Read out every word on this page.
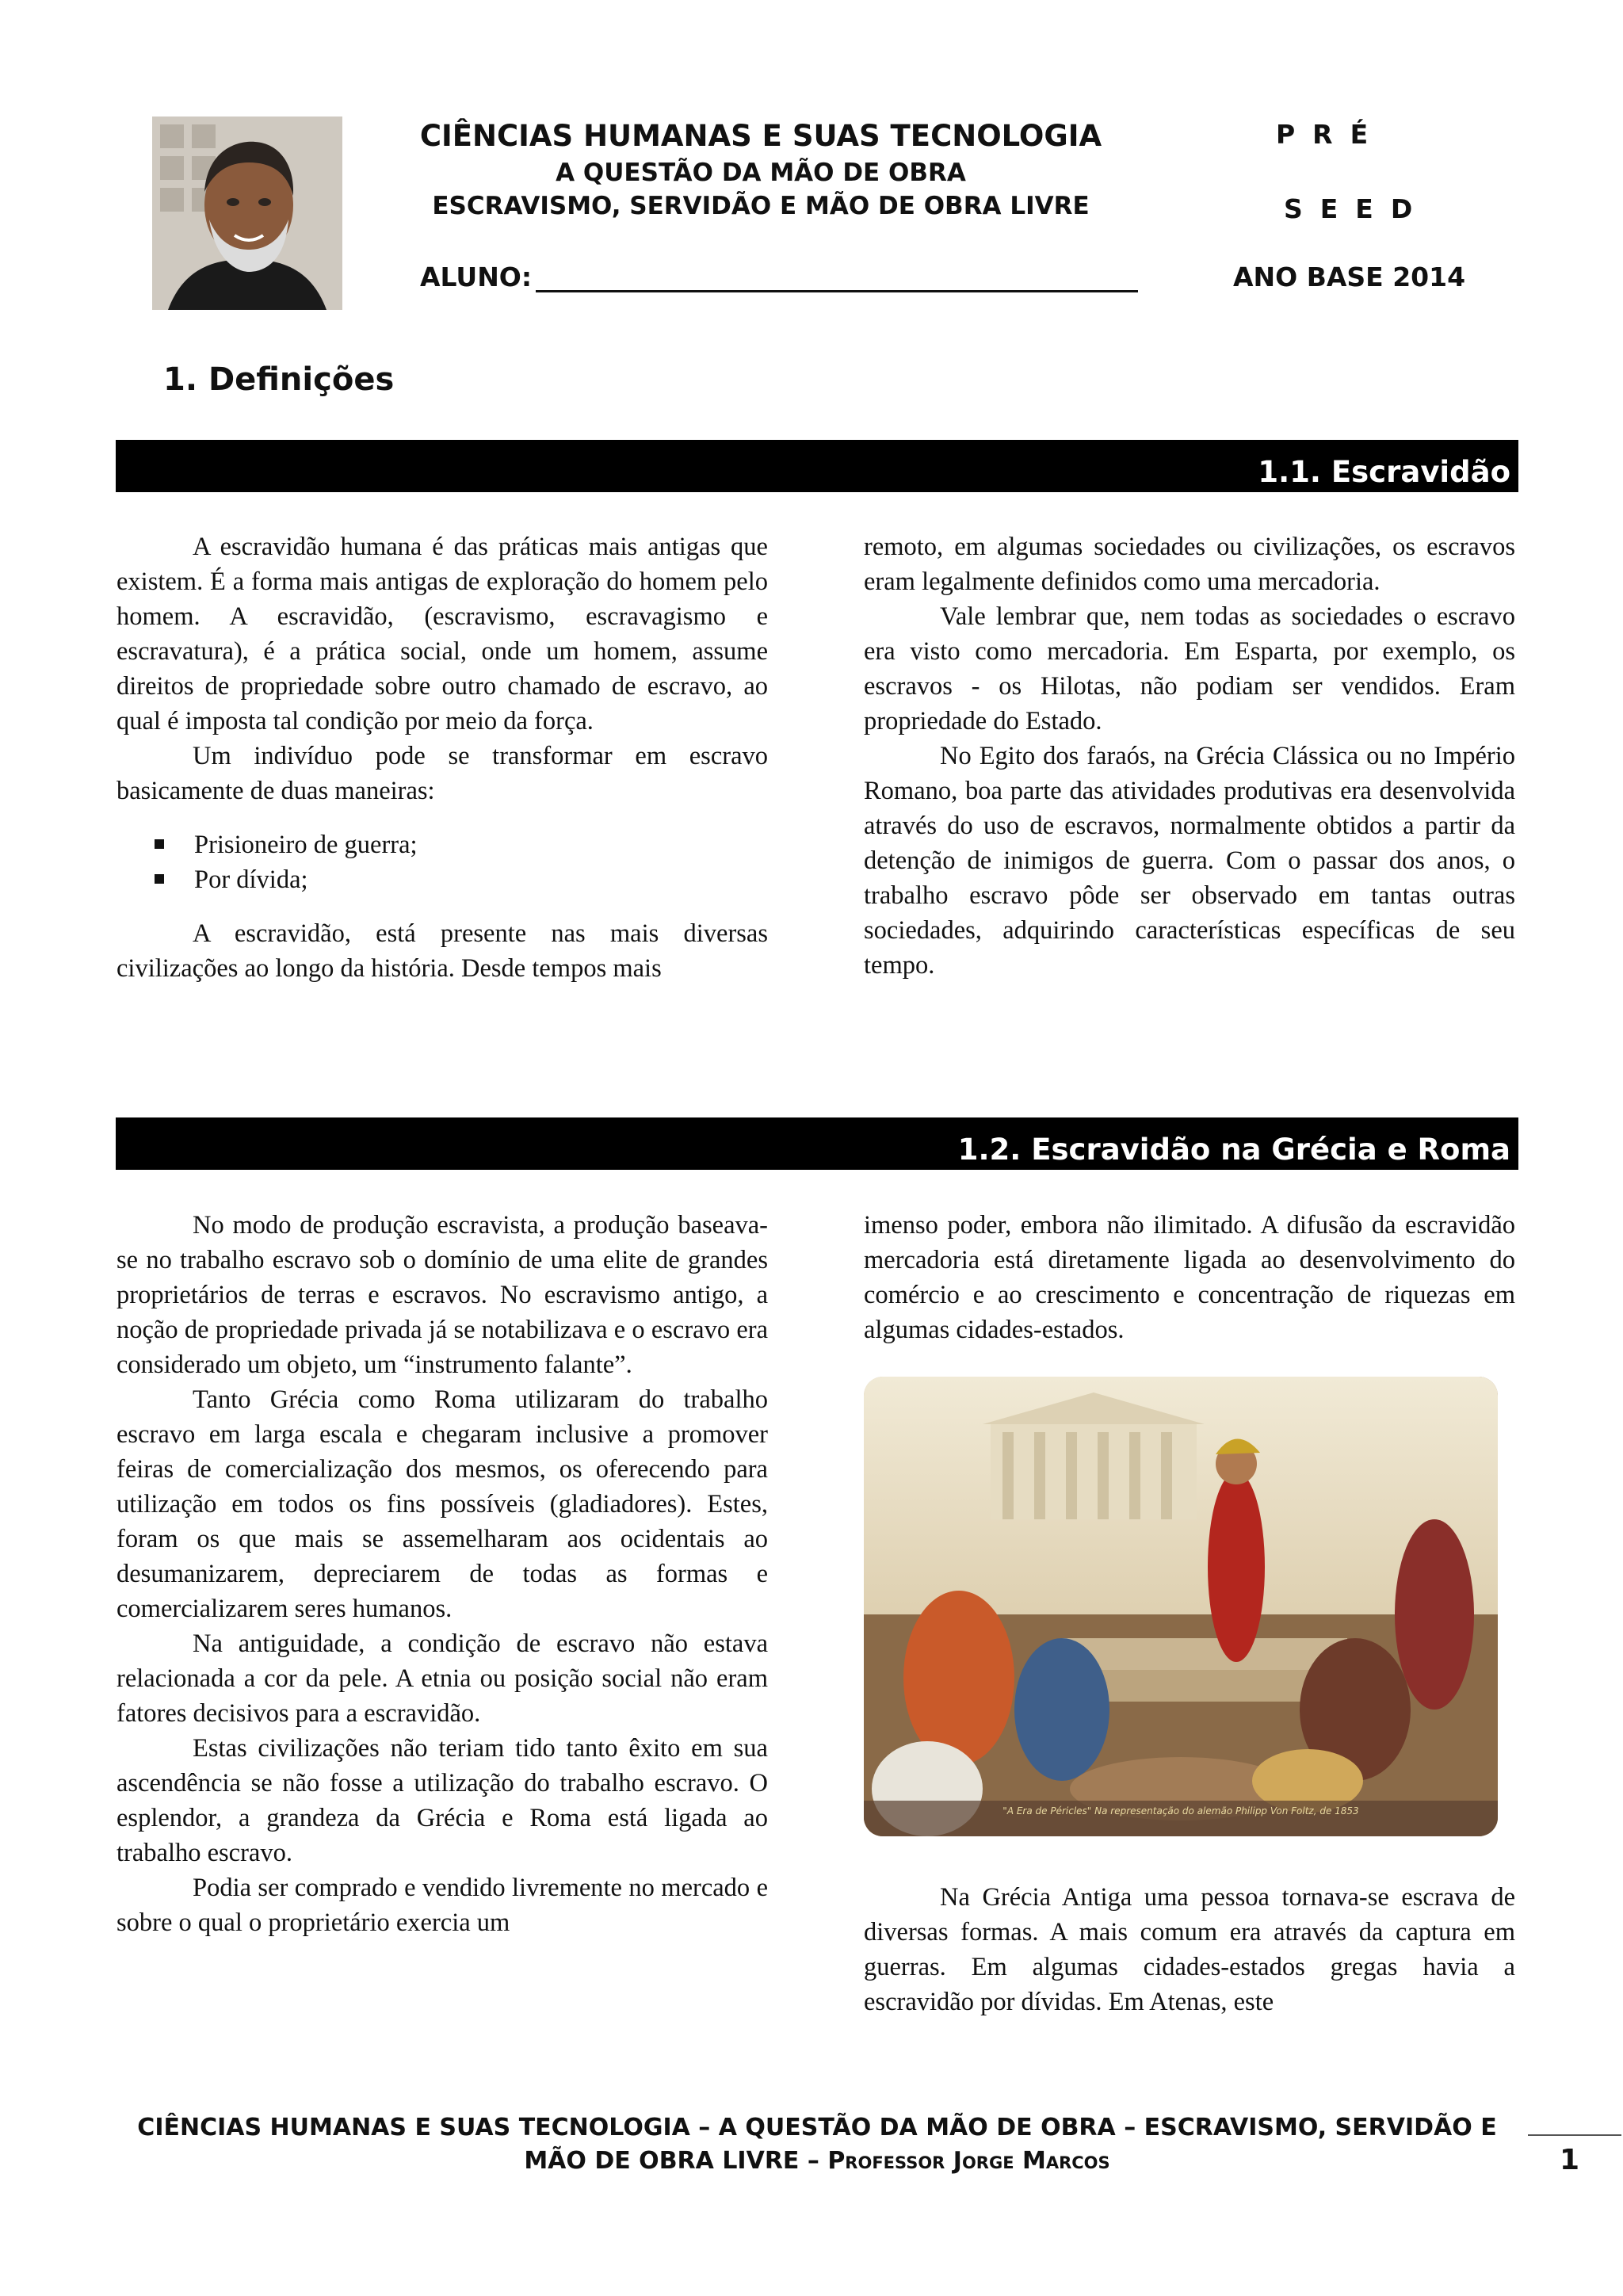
CIÊNCIAS HUMANAS E SUAS TECNOLOGIA
A QUESTÃO DA MÃO DE OBRA
ESCRAVISMO, SERVIDÃO E MÃO DE OBRA LIVRE
PRÉ
SEED
ALUNO:	ANO BASE 2014
1. Definições
1.1. Escravidão

A escravidão humana é das práticas mais antigas que existem. É a forma mais antigas de exploração do homem pelo homem. A escravidão, (escravismo, escravagismo e escravatura), é a prática social, onde um homem, assume direitos de propriedade sobre outro chamado de escravo, ao qual é imposta tal condição por meio da força.

Um indivíduo pode se transformar em escravo basicamente de duas maneiras:

Prisioneiro de guerra;
Por dívida;

A escravidão, está presente nas mais diversas civilizações ao longo da história. Desde tempos mais

remoto, em algumas sociedades ou civilizações, os escravos eram legalmente definidos como uma mercadoria.

Vale lembrar que, nem todas as sociedades o escravo era visto como mercadoria. Em Esparta, por exemplo, os escravos - os Hilotas, não podiam ser vendidos. Eram propriedade do Estado.

No Egito dos faraós, na Grécia Clássica ou no Império Romano, boa parte das atividades produtivas era desenvolvida através do uso de escravos, normalmente obtidos a partir da detenção de inimigos de guerra. Com o passar dos anos, o trabalho escravo pôde ser observado em tantas outras sociedades, adquirindo características específicas de seu tempo.

1.2. Escravidão na Grécia e Roma

No modo de produção escravista, a produção baseava-se no trabalho escravo sob o domínio de uma elite de grandes proprietários de terras e escravos. No escravismo antigo, a noção de propriedade privada já se notabilizava e o escravo era considerado um objeto, um “instrumento falante”.

Tanto Grécia como Roma utilizaram do trabalho escravo em larga escala e chegaram inclusive a promover feiras de comercialização dos mesmos, os oferecendo para utilização em todos os fins possíveis (gladiadores). Estes, foram os que mais se assemelharam aos ocidentais ao desumanizarem, depreciarem de todas as formas e comercializarem seres humanos.

Na antiguidade, a condição de escravo não estava relacionada a cor da pele. A etnia ou posição social não eram fatores decisivos para a escravidão.

Estas civilizações não teriam tido tanto êxito em sua ascendência se não fosse a utilização do trabalho escravo. O esplendor, a grandeza da Grécia e Roma está ligada ao trabalho escravo.

Podia ser comprado e vendido livremente no mercado e sobre o qual o proprietário exercia um

imenso poder, embora não ilimitado. A difusão da escravidão mercadoria está diretamente ligada ao desenvolvimento do comércio e ao crescimento e concentração de riquezas em algumas cidades-estados.

"A Era de Péricles" Na representação do alemão Philipp Von Foltz, de 1853

Na Grécia Antiga uma pessoa tornava-se escrava de diversas formas. A mais comum era através da captura em guerras. Em algumas cidades-estados gregas havia a escravidão por dívidas. Em Atenas, este

CIÊNCIAS HUMANAS E SUAS TECNOLOGIA – A QUESTÃO DA MÃO DE OBRA – ESCRAVISMO, SERVIDÃO E
MÃO DE OBRA LIVRE – Professor Jorge Marcos	1
